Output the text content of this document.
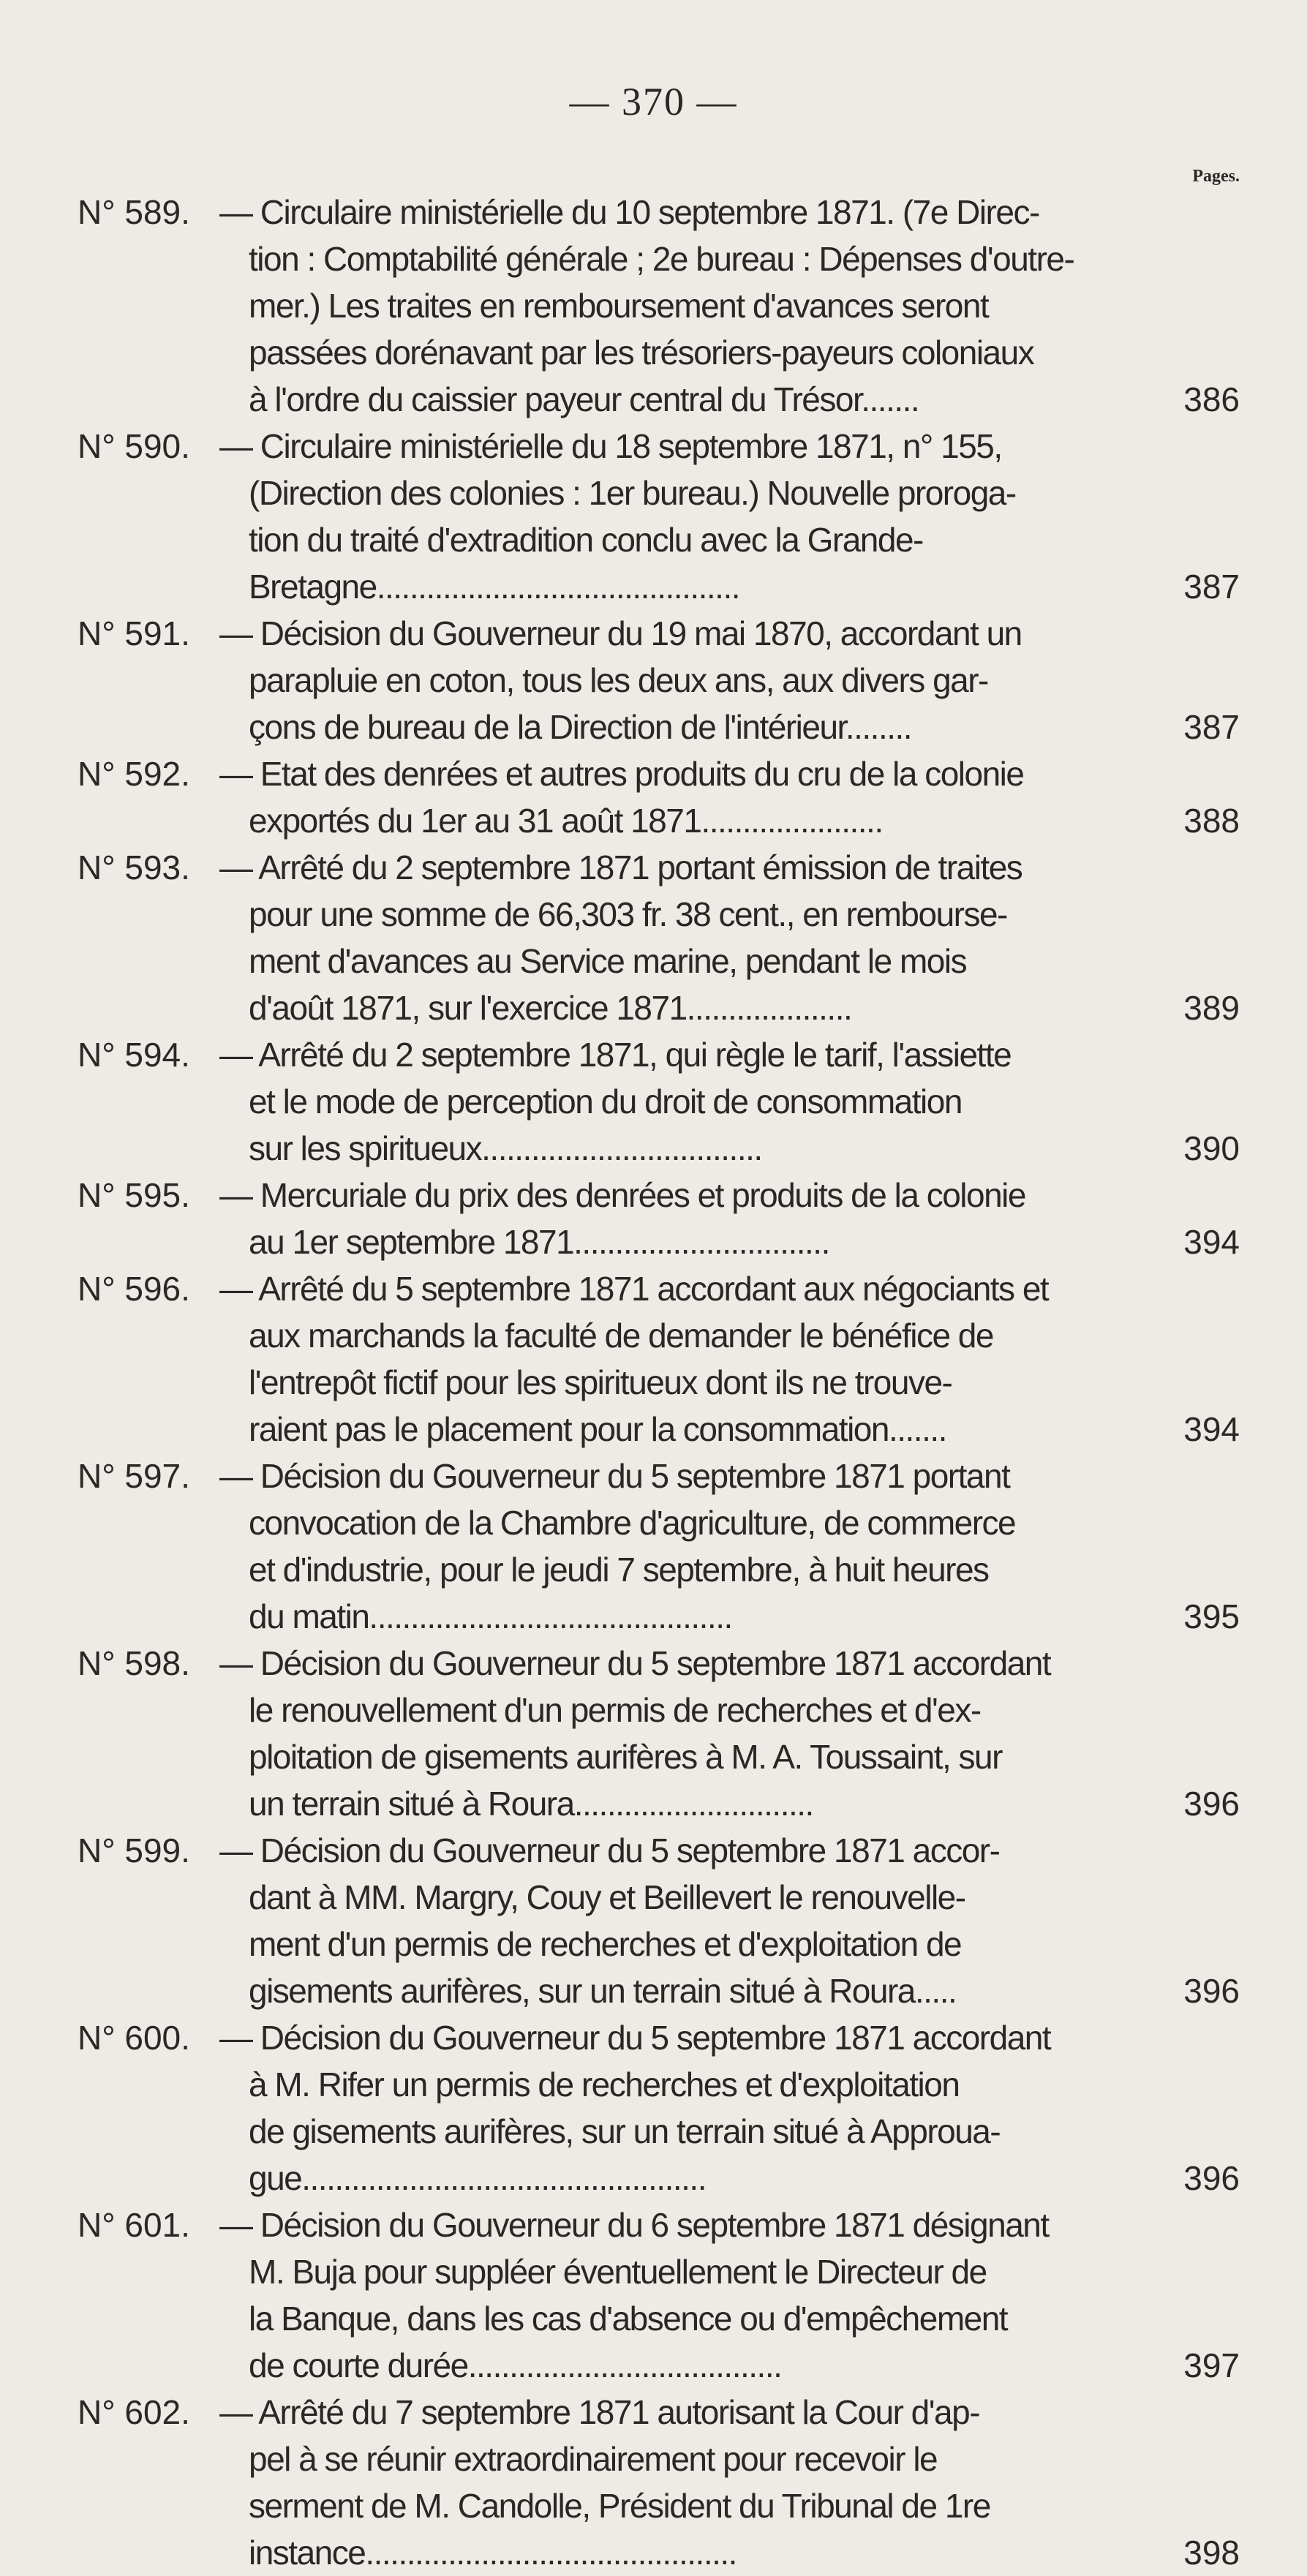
— 370 —
Pages.
N° 589. — Circulaire ministérielle du 10 septembre 1871. (7e Direc-
tion : Comptabilité générale ; 2e bureau : Dépenses d'outre-
mer.) Les traites en remboursement d'avances seront
passées dorénavant par les trésoriers-payeurs coloniaux
à l'ordre du caissier payeur central du Trésor.......	386
N° 590. — Circulaire ministérielle du 18 septembre 1871, n° 155,
(Direction des colonies : 1er bureau.) Nouvelle proroga-
tion du traité d'extradition conclu avec la Grande-
Bretagne............................................	387
N° 591. — Décision du Gouverneur du 19 mai 1870, accordant un
parapluie en coton, tous les deux ans, aux divers gar-
çons de bureau de la Direction de l'intérieur........	387
N° 592. — Etat des denrées et autres produits du cru de la colonie
exportés du 1er au 31 août 1871......................	388
N° 593. — Arrêté du 2 septembre 1871 portant émission de traites
pour une somme de 66,303 fr. 38 cent., en rembourse-
ment d'avances au Service marine, pendant le mois
d'août 1871, sur l'exercice 1871....................	389
N° 594. — Arrêté du 2 septembre 1871, qui règle le tarif, l'assiette
et le mode de perception du droit de consommation
sur les spiritueux..................................	390
N° 595. — Mercuriale du prix des denrées et produits de la colonie
au 1er septembre 1871...............................	394
N° 596. — Arrêté du 5 septembre 1871 accordant aux négociants et
aux marchands la faculté de demander le bénéfice de
l'entrepôt fictif pour les spiritueux dont ils ne trouve-
raient pas le placement pour la consommation.......	394
N° 597. — Décision du Gouverneur du 5 septembre 1871 portant
convocation de la Chambre d'agriculture, de commerce
et d'industrie, pour le jeudi 7 septembre, à huit heures
du matin............................................	395
N° 598. — Décision du Gouverneur du 5 septembre 1871 accordant
le renouvellement d'un permis de recherches et d'ex-
ploitation de gisements aurifères à M. A. Toussaint, sur
un terrain situé à Roura.............................	396
N° 599. — Décision du Gouverneur du 5 septembre 1871 accor-
dant à MM. Margry, Couy et Beillevert le renouvelle-
ment d'un permis de recherches et d'exploitation de
gisements aurifères, sur un terrain situé à Roura.....	396
N° 600. — Décision du Gouverneur du 5 septembre 1871 accordant
à M. Rifer un permis de recherches et d'exploitation
de gisements aurifères, sur un terrain situé à Approua-
gue.................................................	396
N° 601. — Décision du Gouverneur du 6 septembre 1871 désignant
M. Buja pour suppléer éventuellement le Directeur de
la Banque, dans les cas d'absence ou d'empêchement
de courte durée......................................	397
N° 602. — Arrêté du 7 septembre 1871 autorisant la Cour d'ap-
pel à se réunir extraordinairement pour recevoir le
serment de M. Candolle, Président du Tribunal de 1re
instance.............................................	398
